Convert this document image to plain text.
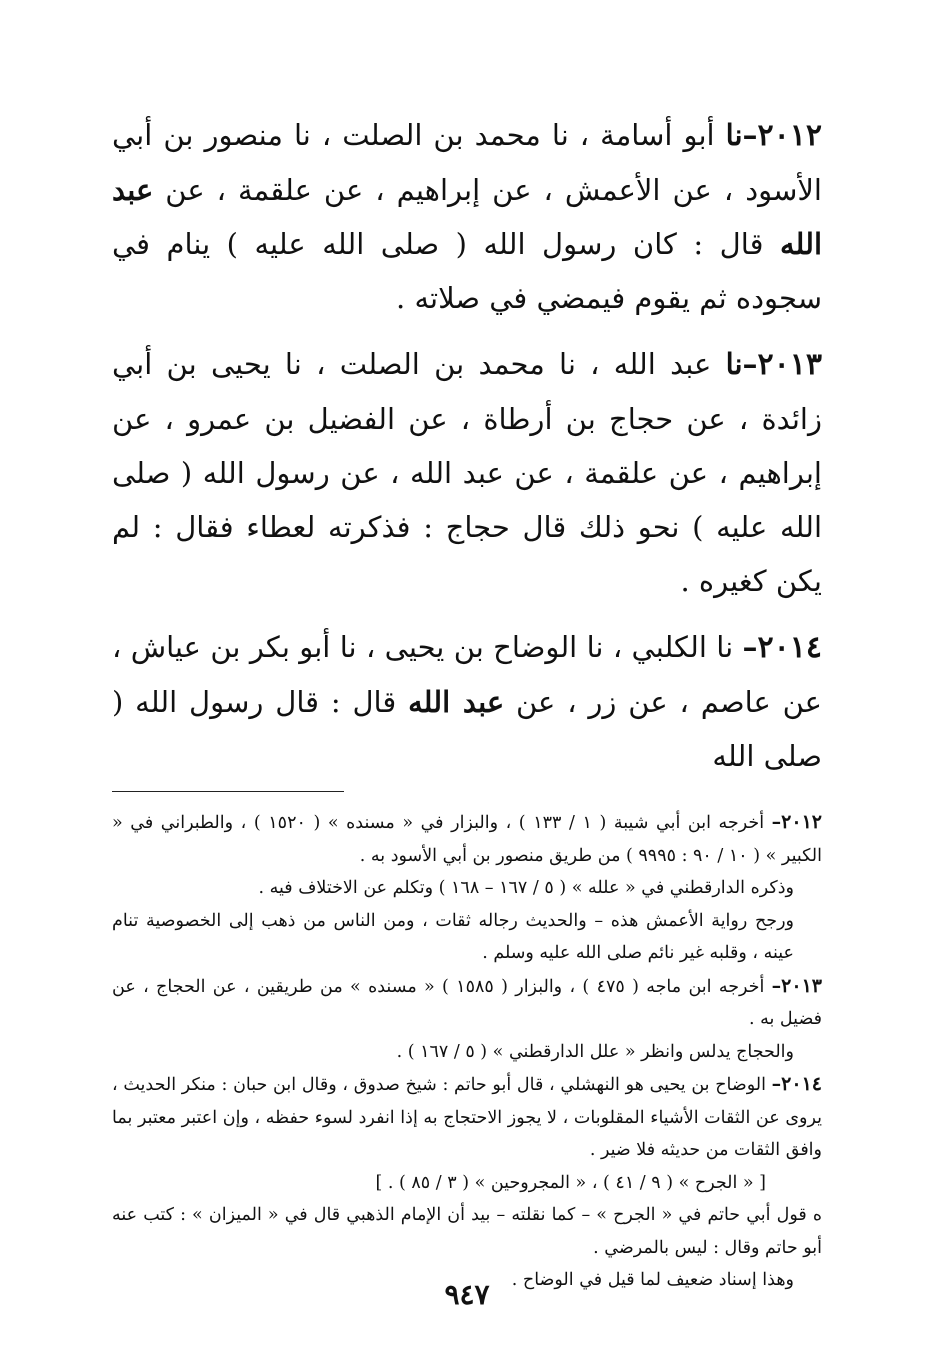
٢٠١٢–نا أبو أسامة ، نا محمد بن الصلت ، نا منصور بن أبي الأسود ، عن الأعمش ، عن إبراهيم ، عن علقمة ، عن عبد الله قال : كان رسول الله ( صلى الله عليه ) ينام في سجوده ثم يقوم فيمضي في صلاته .

٢٠١٣–نا عبد الله ، نا محمد بن الصلت ، نا يحيى بن أبي زائدة ، عن حجاج بن أرطاة ، عن الفضيل بن عمرو ، عن إبراهيم ، عن علقمة ، عن عبد الله ، عن رسول الله ( صلى الله عليه ) نحو ذلك قال حجاج : فذكرته لعطاء فقال : لم يكن كغيره .

٢٠١٤– نا الكلبي ، نا الوضاح بن يحيى ، نا أبو بكر بن عياش ، عن عاصم ، عن زر ، عن عبد الله قال : قال رسول الله ( صلى الله

٢٠١٢– أخرجه ابن أبي شيبة ( ١ / ١٣٣ ) ، والبزار في « مسنده » ( ١٥٢٠ ) ، والطبراني في « الكبير » ( ١٠ / ٩٠ : ٩٩٩٥ ) من طريق منصور بن أبي الأسود به .

وذكره الدارقطني في « علله » ( ٥ / ١٦٧ – ١٦٨ ) وتكلم عن الاختلاف فيه .

ورجح رواية الأعمش هذه – والحديث رجاله ثقات ، ومن الناس من ذهب إلى الخصوصية تنام عينه ، وقلبه غير نائم صلى الله عليه وسلم .

٢٠١٣– أخرجه ابن ماجه ( ٤٧٥ ) ، والبزار ( ١٥٨٥ ) « مسنده » من طريقين ، عن الحجاج ، عن فضيل به .

والحجاج يدلس وانظر « علل الدارقطني » ( ٥ / ١٦٧ ) .

٢٠١٤– الوضاح بن يحيى هو النهشلي ، قال أبو حاتم : شيخ صدوق ، وقال ابن حبان : منكر الحديث ، يروى عن الثقات الأشياء المقلوبات ، لا يجوز الاحتجاج به إذا انفرد لسوء حفظه ، وإن اعتبر معتبر بما وافق الثقات من حديثه فلا ضير .

[ « الجرح » ( ٩ / ٤١ ) ، « المجروحين » ( ٣ / ٨٥ ) . ]

ه قول أبي حاتم في « الجرح » – كما نقلته – بيد أن الإمام الذهبي قال في « الميزان » : كتب عنه أبو حاتم وقال : ليس بالمرضي .

وهذا إسناد ضعيف لما قيل في الوضاح .

٩٤٧
